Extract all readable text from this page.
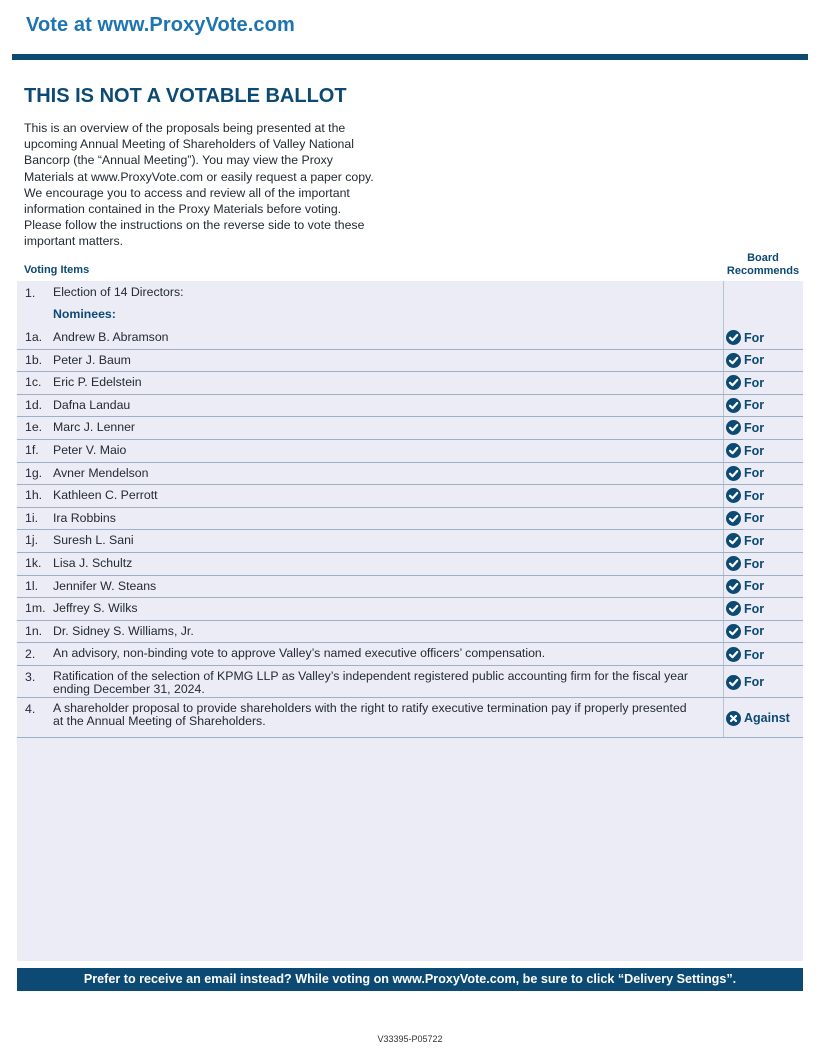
Vote at www.ProxyVote.com
THIS IS NOT A VOTABLE BALLOT
This is an overview of the proposals being presented at the
upcoming Annual Meeting of Shareholders of Valley National
Bancorp (the “Annual Meeting”). You may view the Proxy
Materials at www.ProxyVote.com or easily request a paper copy.
We encourage you to access and review all of the important
information contained in the Proxy Materials before voting.
Please follow the instructions on the reverse side to vote these
important matters.
Voting Items
Board
Recommends
1. Election of 14 Directors:
Nominees:
1a. Andrew B. Abramson	For
1b. Peter J. Baum	For
1c. Eric P. Edelstein	For
1d. Dafna Landau	For
1e. Marc J. Lenner	For
1f. Peter V. Maio	For
1g. Avner Mendelson	For
1h. Kathleen C. Perrott	For
1i. Ira Robbins	For
1j. Suresh L. Sani	For
1k. Lisa J. Schultz	For
1l. Jennifer W. Steans	For
1m. Jeffrey S. Wilks	For
1n. Dr. Sidney S. Williams, Jr.	For
2. An advisory, non-binding vote to approve Valley’s named executive officers’ compensation.	For
3. Ratification of the selection of KPMG LLP as Valley’s independent registered public accounting firm for the fiscal year
ending December 31, 2024.	For
4. A shareholder proposal to provide shareholders with the right to ratify executive termination pay if properly presented
at the Annual Meeting of Shareholders.	Against
Prefer to receive an email instead? While voting on www.ProxyVote.com, be sure to click “Delivery Settings”.
V33395-P05722
